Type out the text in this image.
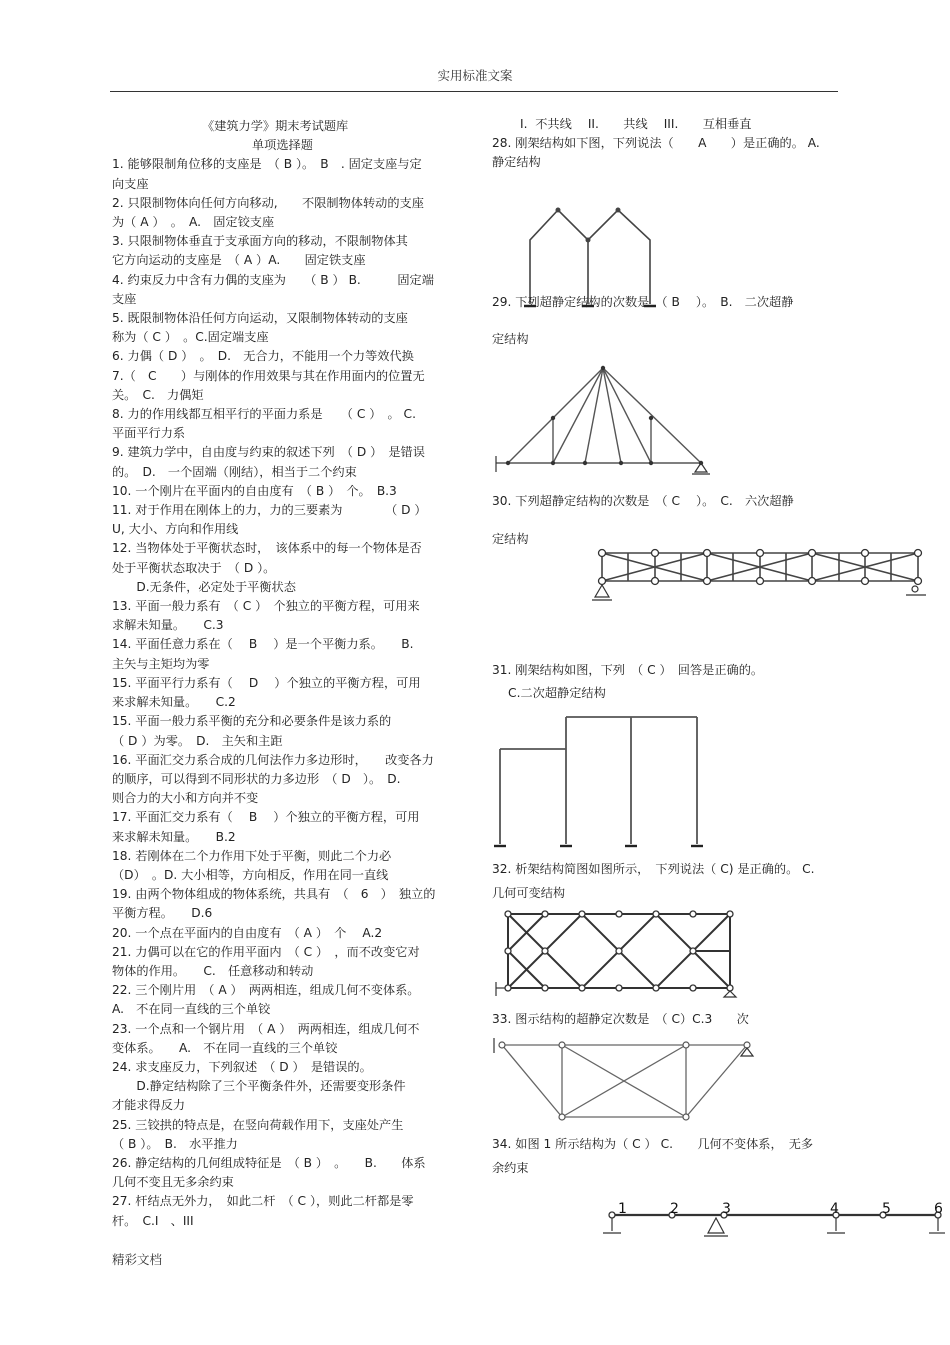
实用标准文案
《建筑力学》期末考试题库
单项选择题
1. 能够限制角位移的支座是　（ B ）。　B　. 固定支座与定
向支座
2. 只限制物体向任何方向移动,　　不限制物体转动的支座
为（ A ）　。　A.　固定铰支座
3. 只限制物体垂直于支承面方向的移动，不限制物体其
它方向运动的支座是　（ A ）A.　　固定铁支座
4. 约束反力中含有力偶的支座为　　（ B ） B.　　　固定端
支座
5. 既限制物体沿任何方向运动，又限制物体转动的支座
称为（ C ）　。C.固定端支座
6. 力偶（ D ）　。　D.　无合力，不能用一个力等效代换
7.（　C　　）与刚体的作用效果与其在作用面内的位置无
关。　C.　力偶矩
8. 力的作用线都互相平行的平面力系是　　（ C ）　。 C.
平面平行力系
9. 建筑力学中，自由度与约束的叙述下列　（ D ）　是错误
的。　D.　一个固端（刚结），相当于二个约束
10. 一个刚片在平面内的自由度有　（ B ）　个。　B.3
11. 对于作用在刚体上的力，力的三要素为　　　　（ D ）
U, 大小、方向和作用线
12. 当物体处于平衡状态时，　该体系中的每一个物体是否
处于平衡状态取决于　（ D ）。
　　D.无条件，必定处于平衡状态
13. 平面一般力系有　（ C ）　个独立的平衡方程，可用来
求解未知量。　　C.3
14. 平面任意力系在（　 B　 ）是一个平衡力系。　　B.
主矢与主矩均为零
15. 平面平行力系有（　 D　 ）个独立的平衡方程，可用
来求解未知量。　　C.2
15. 平面一般力系平衡的充分和必要条件是该力系的
（ D ）为零。　D.　主矢和主距
16. 平面汇交力系合成的几何法作力多边形时，　　改变各力
的顺序，可以得到不同形状的力多边形　（ D　）。　D.
则合力的大小和方向并不变
17. 平面汇交力系有（　 B　 ）个独立的平衡方程，可用
来求解未知量。　　B.2
18. 若刚体在二个力作用下处于平衡，则此二个力必
（D）　。D. 大小相等，方向相反，作用在同一直线
19. 由两个物体组成的物体系统，共具有　（　6　）　独立的
平衡方程。　　D.6
20. 一个点在平面内的自由度有　（ A ）　个　 A.2
21. 力偶可以在它的作用平面内　（ C ）　，而不改变它对
物体的作用。　　C.　任意移动和转动
22. 三个刚片用　（ A ）　两两相连，组成几何不变体系。
A.　不在同一直线的三个单铰
23. 一个点和一个钢片用　（ A ）　两两相连，组成几何不
变体系。　　A.　不在同一直线的三个单铰
24. 求支座反力，下列叙述　（ D ）　是错误的。
　　D.静定结构除了三个平衡条件外，还需要变形条件
才能求得反力
25. 三铰拱的特点是，在竖向荷载作用下，支座处产生
（ B ）。　B.　水平推力
26. 静定结构的几何组成特征是　（ B ）　。　　B.　　体系
几何不变且无多余约束
27. 杆结点无外力，　如此二杆　（ C ），则此二杆都是零
杆。　C.I　、III
I.  不共线　 II.　　共线　 III.　　互相垂直
28. 刚架结构如下图，下列说法（　　A　　）是正确的。 A.
静定结构
29. 下列超静定结构的次数是　（ B　 ）。　B.　二次超静
定结构
30. 下列超静定结构的次数是　（ C　 ）。　C.　六次超静
定结构
31. 刚架结构如图，下列　（ C ）　回答是正确的。
　 C.二次超静定结构
32. 析架结构简图如图所示，　下列说法（ C) 是正确的。 C.
几何可变结构
33. 图示结构的超静定次数是　（ C）C.3　　次
34. 如图 1 所示结构为（ C ） C.　　几何不变体系，　无多
余约束
1	2	3	4	5	6
精彩文档
